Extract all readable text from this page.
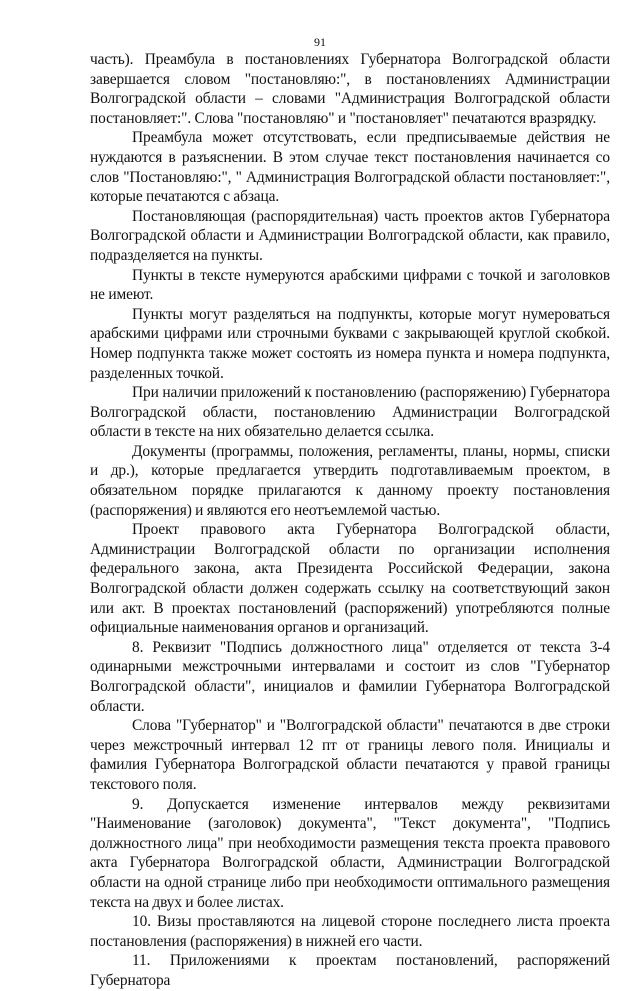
91

часть). Преамбула в постановлениях Губернатора Волгоградской области завершается словом "постановляю:", в постановлениях Администрации Волгоградской области – словами "Администрация Волгоградской области постановляет:". Слова "постановляю" и "постановляет" печатаются вразрядку.

Преамбула может отсутствовать, если предписываемые действия не нуждаются в разъяснении. В этом случае текст постановления начинается со слов "Постановляю:", " Администрация Волгоградской области постановляет:", которые печатаются с абзаца.

Постановляющая (распорядительная) часть проектов актов Губернатора Волгоградской области и Администрации Волгоградской области, как правило, подразделяется на пункты.

Пункты в тексте нумеруются арабскими цифрами с точкой и заголовков не имеют.

Пункты могут разделяться на подпункты, которые могут нумероваться арабскими цифрами или строчными буквами с закрывающей круглой скобкой. Номер подпункта также может состоять из номера пункта и номера подпункта, разделенных точкой.

При наличии приложений к постановлению (распоряжению) Губернатора Волгоградской области, постановлению Администрации Волгоградской области в тексте на них обязательно делается ссылка.

Документы (программы, положения, регламенты, планы, нормы, списки и др.), которые предлагается утвердить подготавливаемым проектом, в обязательном порядке прилагаются к данному проекту постановления (распоряжения) и являются его неотъемлемой частью.

Проект правового акта Губернатора Волгоградской области, Администрации Волгоградской области по организации исполнения федерального закона, акта Президента Российской Федерации, закона Волгоградской области должен содержать ссылку на соответствующий закон или акт. В проектах постановлений (распоряжений) употребляются полные официальные наименования органов и организаций.

8. Реквизит "Подпись должностного лица" отделяется от текста 3-4 одинарными межстрочными интервалами и состоит из слов "Губернатор Волгоградской области", инициалов и фамилии Губернатора Волгоградской области.

Слова "Губернатор" и "Волгоградской области" печатаются в две строки через межстрочный интервал 12 пт от границы левого поля. Инициалы и фамилия Губернатора Волгоградской области печатаются у правой границы текстового поля.

9. Допускается изменение интервалов между реквизитами "Наименование (заголовок) документа", "Текст документа", "Подпись должностного лица" при необходимости размещения текста проекта правового акта Губернатора Волгоградской области, Администрации Волгоградской области на одной странице либо при необходимости оптимального размещения текста на двух и более листах.

10. Визы проставляются на лицевой стороне последнего листа проекта постановления (распоряжения) в нижней его части.

11. Приложениями к проектам постановлений, распоряжений Губернатора
